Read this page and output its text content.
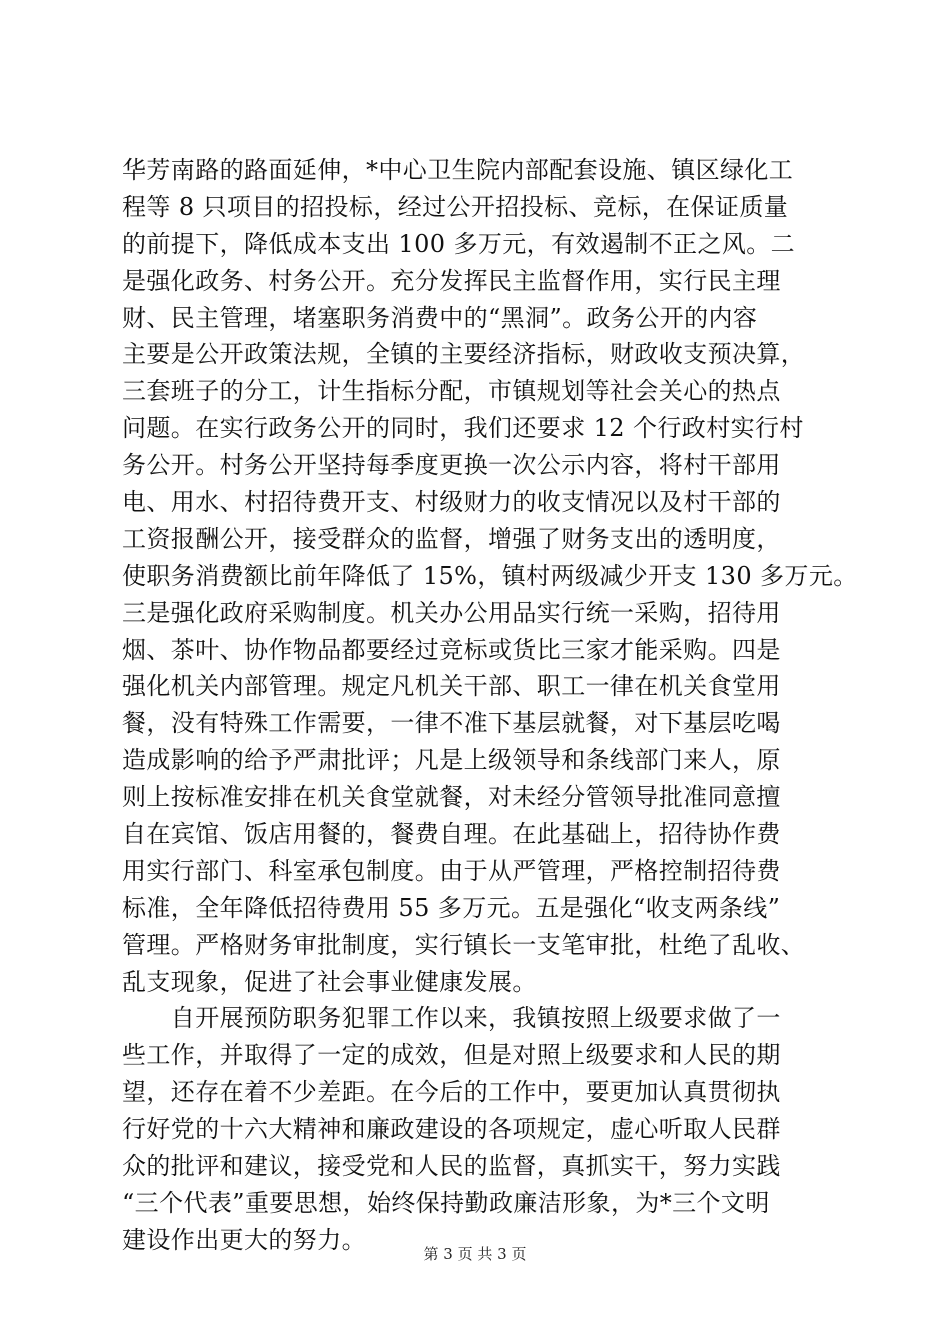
华芳南路的路面延伸，*中心卫生院内部配套设施、镇区绿化工
程等 8 只项目的招投标，经过公开招投标、竞标，在保证质量
的前提下，降低成本支出 100 多万元，有效遏制不正之风。二
是强化政务、村务公开。充分发挥民主监督作用，实行民主理
财、民主管理，堵塞职务消费中的“黑洞”。政务公开的内容
主要是公开政策法规，全镇的主要经济指标，财政收支预决算，
三套班子的分工，计生指标分配，市镇规划等社会关心的热点
问题。在实行政务公开的同时，我们还要求 12 个行政村实行村
务公开。村务公开坚持每季度更换一次公示内容，将村干部用
电、用水、村招待费开支、村级财力的收支情况以及村干部的
工资报酬公开，接受群众的监督，增强了财务支出的透明度，
使职务消费额比前年降低了 15%，镇村两级减少开支 130 多万元。
三是强化政府采购制度。机关办公用品实行统一采购，招待用
烟、茶叶、协作物品都要经过竞标或货比三家才能采购。四是
强化机关内部管理。规定凡机关干部、职工一律在机关食堂用
餐，没有特殊工作需要，一律不准下基层就餐，对下基层吃喝
造成影响的给予严肃批评；凡是上级领导和条线部门来人，原
则上按标准安排在机关食堂就餐，对未经分管领导批准同意擅
自在宾馆、饭店用餐的，餐费自理。在此基础上，招待协作费
用实行部门、科室承包制度。由于从严管理，严格控制招待费
标准，全年降低招待费用 55 多万元。五是强化“收支两条线”
管理。严格财务审批制度，实行镇长一支笔审批，杜绝了乱收、
乱支现象，促进了社会事业健康发展。
　　自开展预防职务犯罪工作以来，我镇按照上级要求做了一
些工作，并取得了一定的成效，但是对照上级要求和人民的期
望，还存在着不少差距。在今后的工作中，要更加认真贯彻执
行好党的十六大精神和廉政建设的各项规定，虚心听取人民群
众的批评和建议，接受党和人民的监督，真抓实干，努力实践
“三个代表”重要思想，始终保持勤政廉洁形象，为*三个文明
建设作出更大的努力。
第 3 页 共 3 页
